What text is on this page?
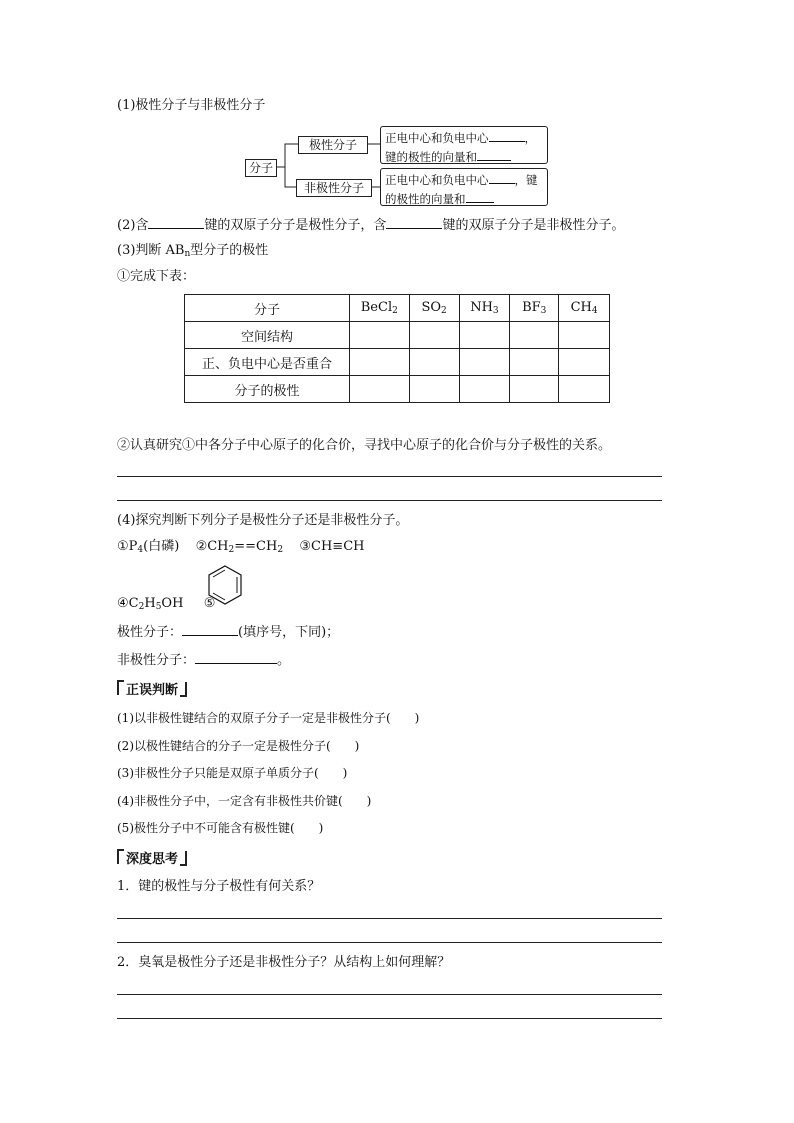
(1)极性分子与非极性分子
分子
极性分子
非极性分子
正电中心和负电中心	，
键的极性的向量和
正电中心和负电中心 ，键
的极性的向量和
(2)含	键的双原子分子是极性分子，含	键的双原子分子是非极性分子。
(3)判断 $AB_n$型分子的极性
①完成下表：
分子	BeCl$_2$	$SO_2$	$NH_3$	$BF_3$	$CH_4$
空间结构					
正、负电中心是否重合					
分子的极性					
②认真研究①中各分子中心原子的化合价，寻找中心原子的化合价与分子极性的关系。
(4)探究判断下列分子是极性分子还是非极性分子。
$①P_4$(白磷) $②CH_2==CH_2$ ③CH≡CH
$④C_2H_5OH$ ⑤
极性分子：	(填序号，下同)；
非极性分子：	。
正误判断
(1)以非极性键结合的双原子分子一定是非极性分子(　　)
(2)以极性键结合的分子一定是极性分子(　　)
(3)非极性分子只能是双原子单质分子(　　)
(4)非极性分子中，一定含有非极性共价键(　　)
(5)极性分子中不可能含有极性键(　　)
深度思考
1．键的极性与分子极性有何关系？
2．臭氧是极性分子还是非极性分子？从结构上如何理解？
